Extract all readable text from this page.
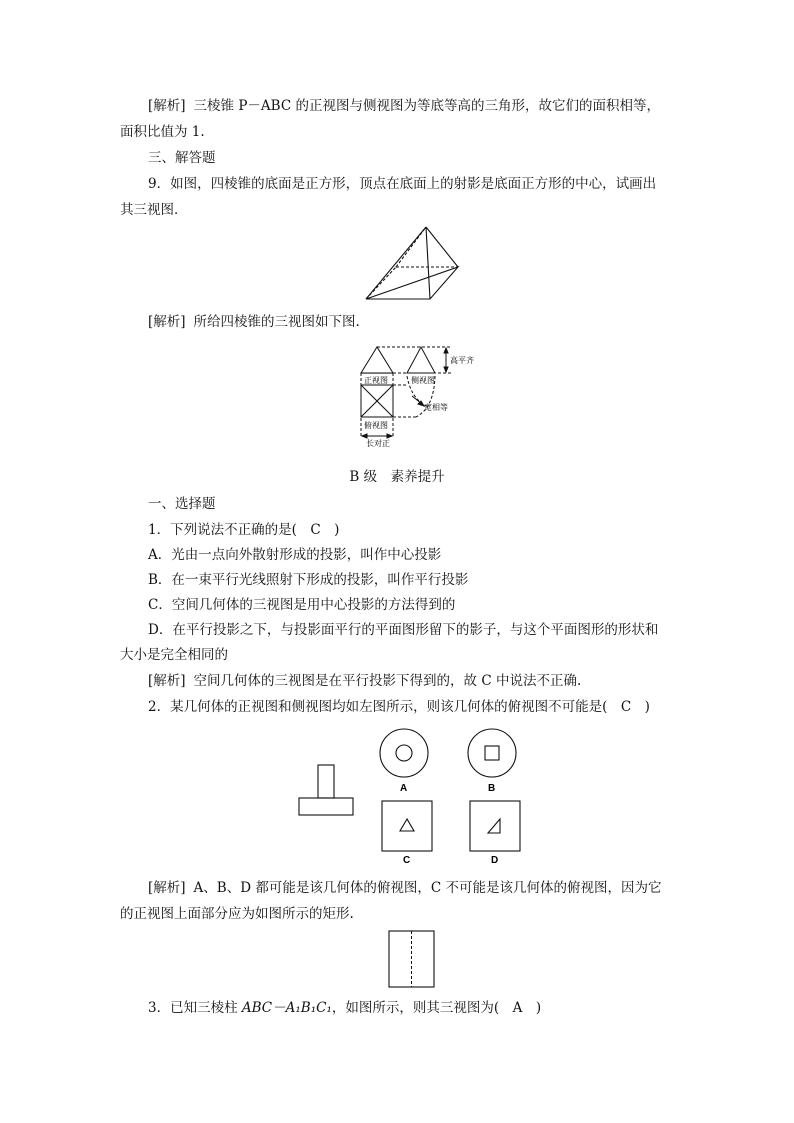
[解析] 三棱锥 P－ABC 的正视图与侧视图为等底等高的三角形，故它们的面积相等，
面积比值为 1.
三、解答题
9．如图，四棱锥的底面是正方形，顶点在底面上的射影是底面正方形的中心，试画出
其三视图．
[解析] 所给四棱锥的三视图如下图.
正视图	侧视图
俯视图
高平齐
宽相等
长对正
B 级　素养提升
一、选择题
1．下列说法不正确的是(　C　)
A．光由一点向外散射形成的投影，叫作中心投影
B．在一束平行光线照射下形成的投影，叫作平行投影
C．空间几何体的三视图是用中心投影的方法得到的
D．在平行投影之下，与投影面平行的平面图形留下的影子，与这个平面图形的形状和
大小是完全相同的
[解析] 空间几何体的三视图是在平行投影下得到的，故 C 中说法不正确.
2．某几何体的正视图和侧视图均如左图所示，则该几何体的俯视图不可能是(　C　)
A	B
C	D
[解析] A、B、D 都可能是该几何体的俯视图，C 不可能是该几何体的俯视图，因为它
的正视图上面部分应为如图所示的矩形.
3．已知三棱柱 ABC－A₁B₁C₁，如图所示，则其三视图为(　A　)
